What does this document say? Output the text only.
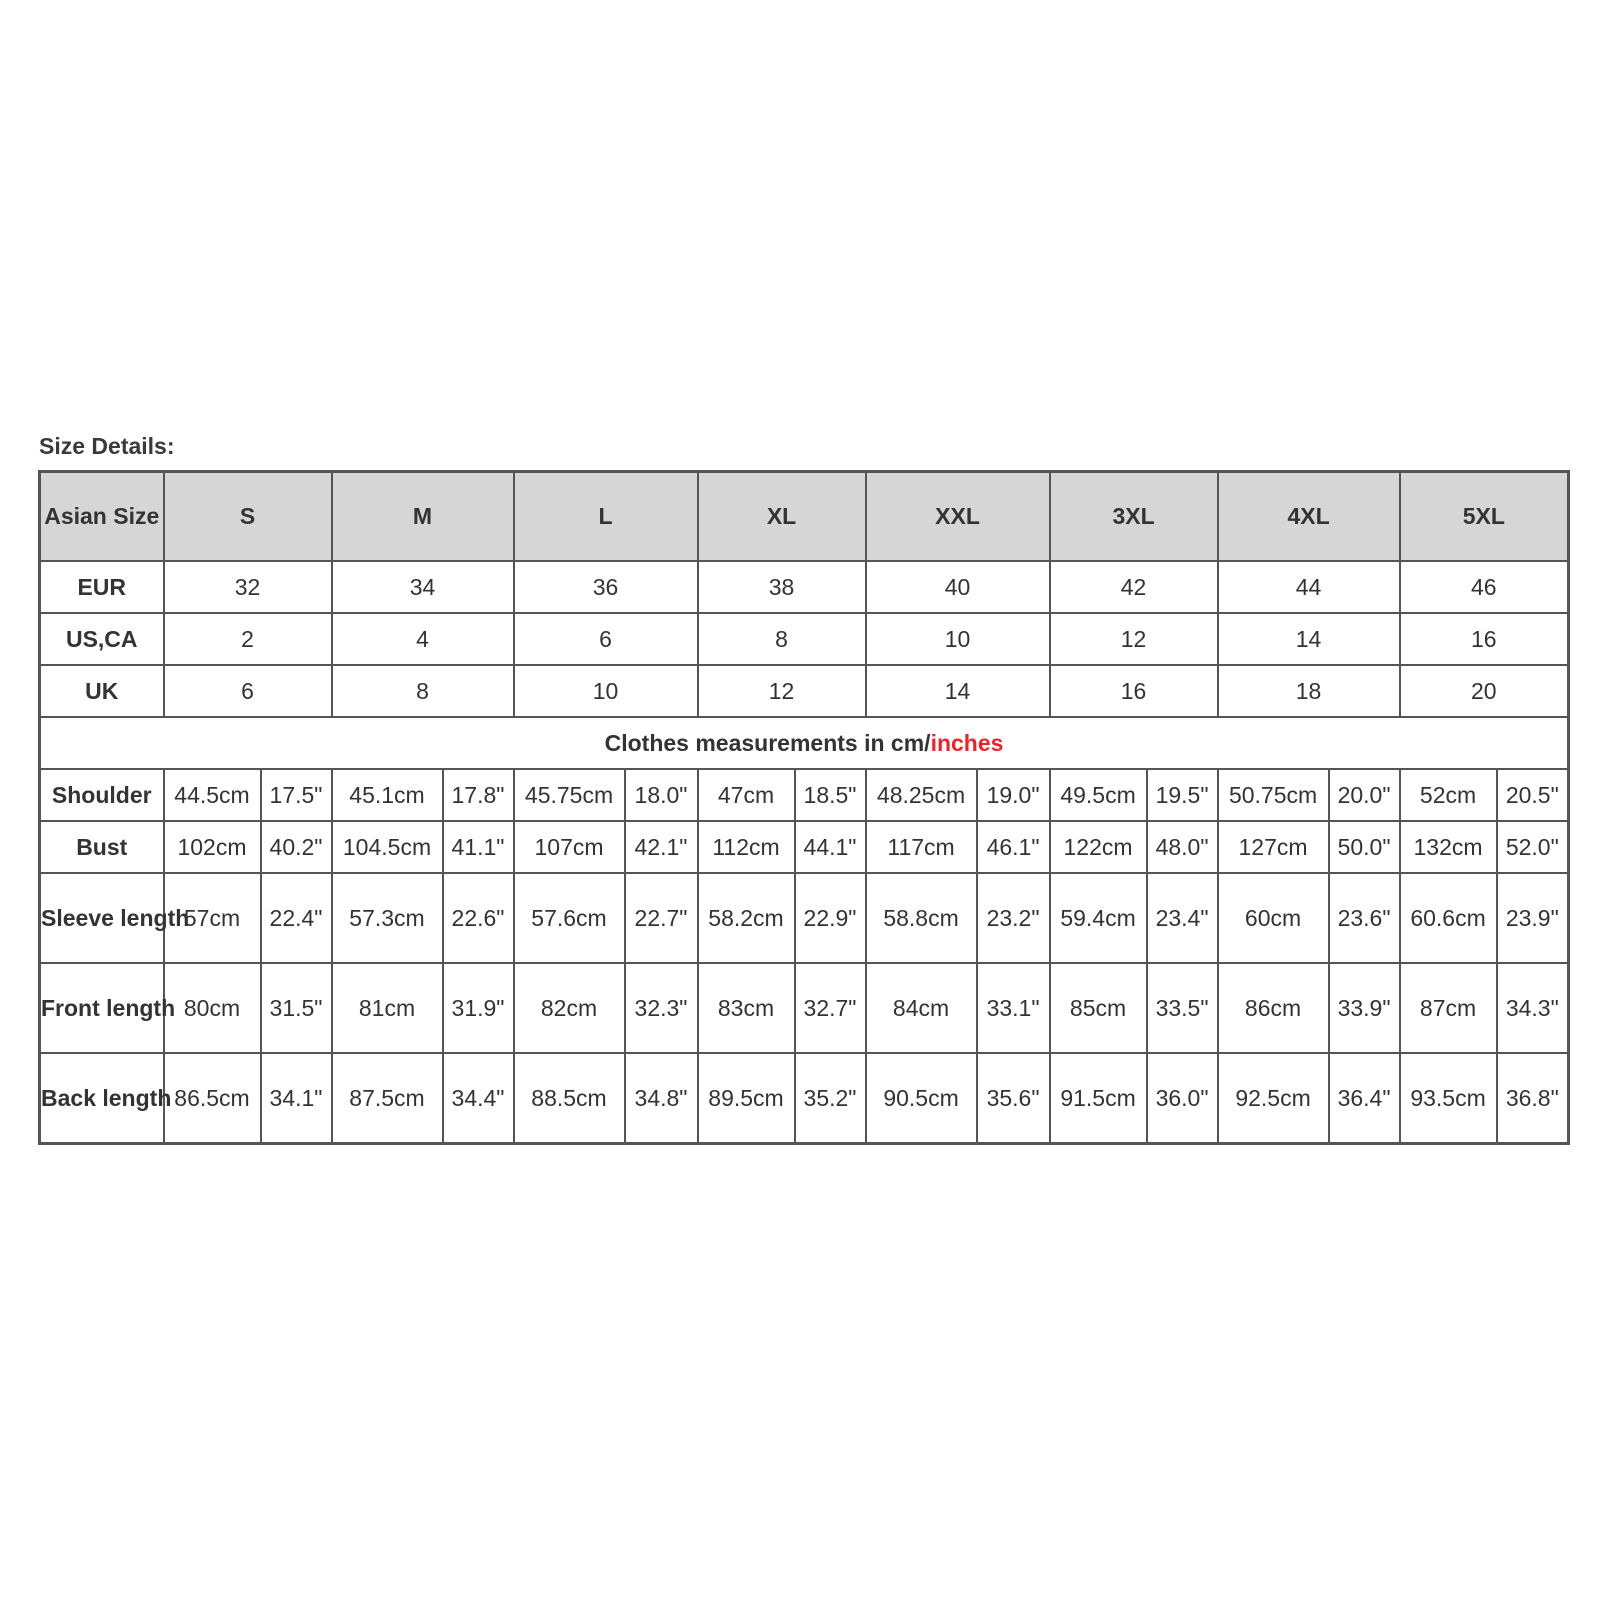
Size Details:
Asian Size	S		M		L		XL		XXL		3XL		4XL		5XL	
EUR	32		34		36		38		40		42		44		46	
US,CA	2		4		6		8		10		12		14		16	
UK	6		8		10		12		14		16		18		20	
Clothes measurements in cm/inches																
Shoulder	44.5cm	17.5"	45.1cm	17.8"	45.75cm	18.0"	47cm	18.5"	48.25cm	19.0"	49.5cm	19.5"	50.75cm	20.0"	52cm	20.5"
Bust	102cm	40.2"	104.5cm	41.1"	107cm	42.1"	112cm	44.1"	117cm	46.1"	122cm	48.0"	127cm	50.0"	132cm	52.0"
Sleeve length	57cm	22.4"	57.3cm	22.6"	57.6cm	22.7"	58.2cm	22.9"	58.8cm	23.2"	59.4cm	23.4"	60cm	23.6"	60.6cm	23.9"
Front length	80cm	31.5"	81cm	31.9"	82cm	32.3"	83cm	32.7"	84cm	33.1"	85cm	33.5"	86cm	33.9"	87cm	34.3"
Back length	86.5cm	34.1"	87.5cm	34.4"	88.5cm	34.8"	89.5cm	35.2"	90.5cm	35.6"	91.5cm	36.0"	92.5cm	36.4"	93.5cm	36.8"
